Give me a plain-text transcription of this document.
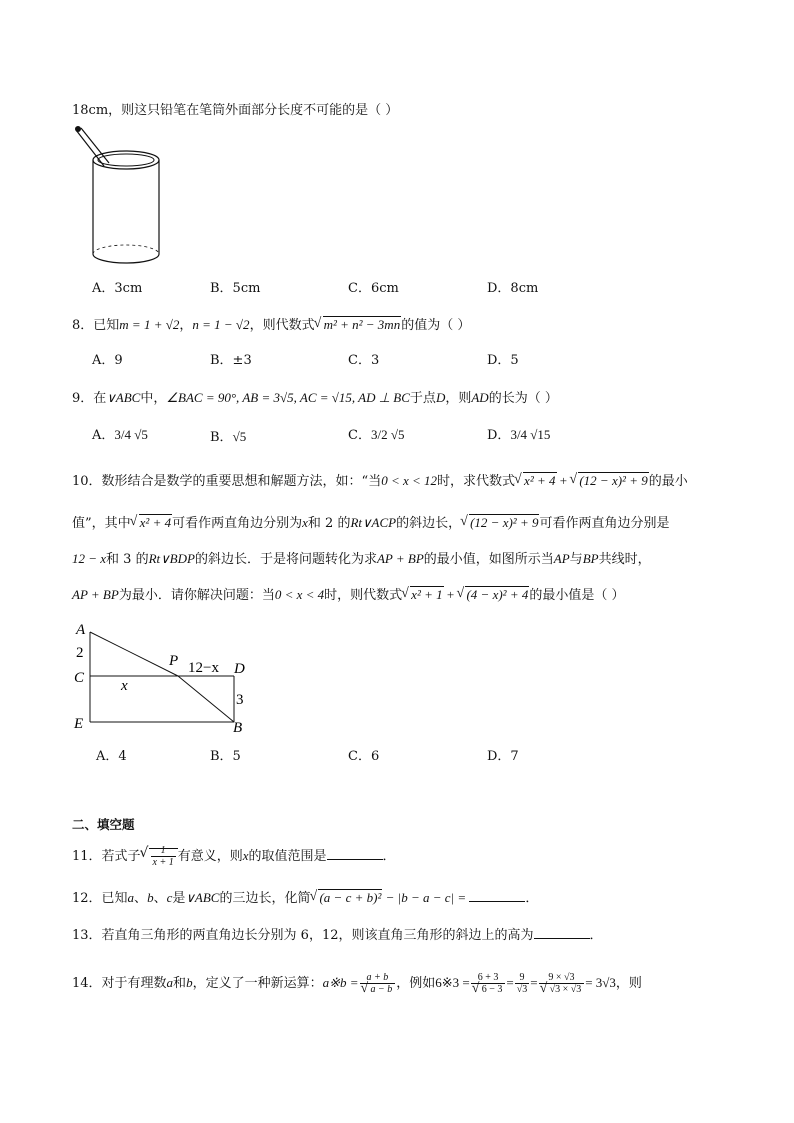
18cm，则这只铅笔在笔筒外面部分长度不可能的是（ ）
A．3cm	B．5cm	C．6cm	D．8cm
8．已知m = 1 + √2，n = 1 − √2，则代数式 √ m² + n² − 3mn的值为（ ）
A．9	B．±3	C．3	D．5
9．在∨ABC中，∠BAC = 90°, AB = 3√5, AC = √15, AD ⊥ BC于点D，则AD的长为（ ）
A．3/4 √5	B．√5	C．3/2 √5	D．3/4 √15
10．数形结合是数学的重要思想和解题方法，如：“当0 < x < 12时，求代数式 √ x² + 4 + √ (12 − x)² + 9的最小
值”，其中 √ x² + 4可看作两直角边分别为x和 2 的Rt∨ACP的斜边长， √ (12 − x)² + 9可看作两直角边分别是
12 − x和 3 的Rt∨BDP的斜边长．于是将问题转化为求AP + BP的最小值，如图所示当AP与BP共线时，
AP + BP为最小．请你解决问题：当0 < x < 4时，则代数式 √ x² + 1 + √ (4 − x)² + 4的最小值是（ ）
A
2
C x
E
P 12−x D
3
B
A．4	B．5	C．6	D．7
二、填空题
11．若式子 √ $\frac{1}{x + 1}$ 有意义，则x的取值范围是	．
12．已知a、b、c是∨ABC的三边长，化简 √ (a − c + b)² − |b − a − c| =	．
13．若直角三角形的两直角边长分别为 6，12，则该直角三角形的斜边上的高为	．
14．对于有理数a和b，定义了一种新运算：a※b = a + b
√ a − b ，例如6※3 = 6 + 3
√ $6 - 3 = \frac{9}{√3} = 9 \times √3$
√ √3 × √3 = 3√3，则
